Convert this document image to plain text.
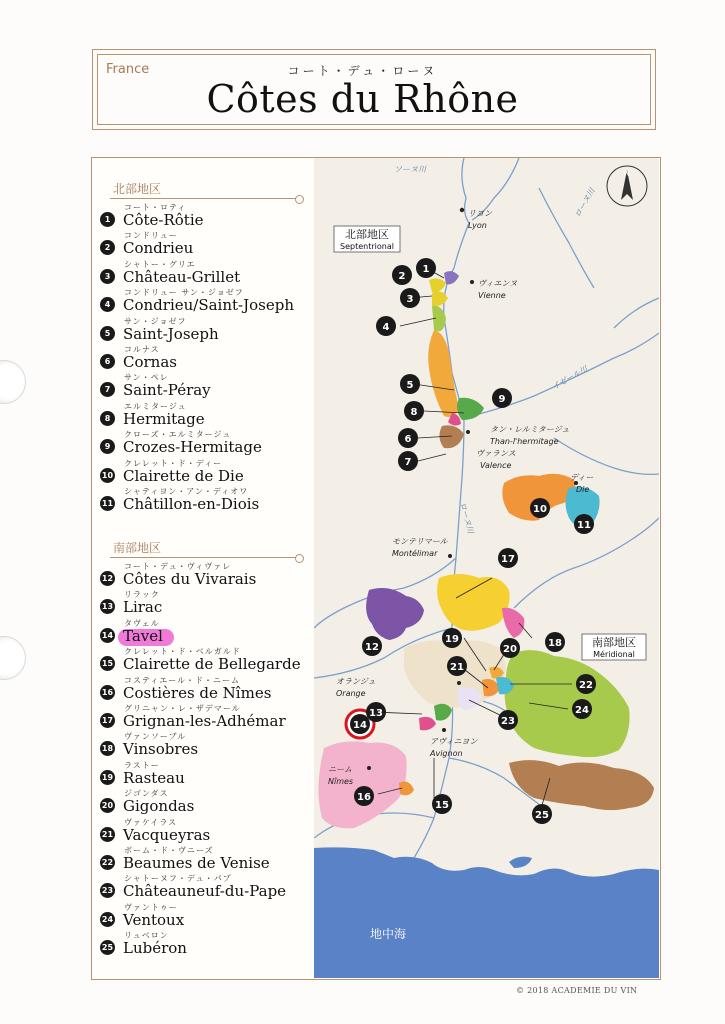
France	コート・デュ・ローヌ
Côtes du Rhône
北部地区
南部地区
1
コート・ロティ
Côte-Rôtie
2
コンドリュー
Condrieu
3
シャトー・グリエ
Château-Grillet
4
コンドリュー サン・ジョゼフ
Condrieu/Saint-Joseph
5
サン・ジョゼフ
Saint-Joseph
6
コルナス
Cornas
7
サン・ペレ
Saint-Péray
8
エルミタージュ
Hermitage
9
クローズ・エルミタージュ
Crozes-Hermitage
10
クレレット・ド・ディー
Clairette de Die
11
シャティヨン・アン・ディオワ
Châtillon-en-Diois
12
コート・デュ・ヴィヴァレ
Côtes du Vivarais
13
リラック
Lirac
14
タヴェル
Tavel
15
クレレット・ド・ベルガルド
Clairette de Bellegarde
16
コスティエール・ド・ニーム
Costières de Nîmes
17
グリニャン・レ・ザデマール
Grignan-les-Adhémar
18
ヴァンソーブル
Vinsobres
19
ラストー
Rasteau
20
ジゴンダス
Gigondas
21
ヴァケイラス
Vacqueyras
22
ボーム・ド・ヴニーズ
Beaumes de Venise
23
シャトーヌフ・デュ・パプ
Châteauneuf-du-Pape
24
ヴァントゥー
Ventoux
25
リュベロン
Lubéron
N
北部地区
Septentrional
南部地区
Méridional
ソーヌ川
ローヌ川
イゼール川
ローヌ川
リヨン
Lyon
ヴィエンヌ
Vienne
タン・レルミタージュ
Than-l'hermitage
ヴァランス
Valence
ディー
Die
モンテリマール
Montélimar
オランジュ
Orange
アヴィニヨン
Avignon
ニーム
Nîmes
地中海
1
2
3
4
5
6
7
8
9
10
11
12
13
14
15
16
17
18
19
20
21
22
23
24
25
© 2018 ACADEMIE DU VIN
